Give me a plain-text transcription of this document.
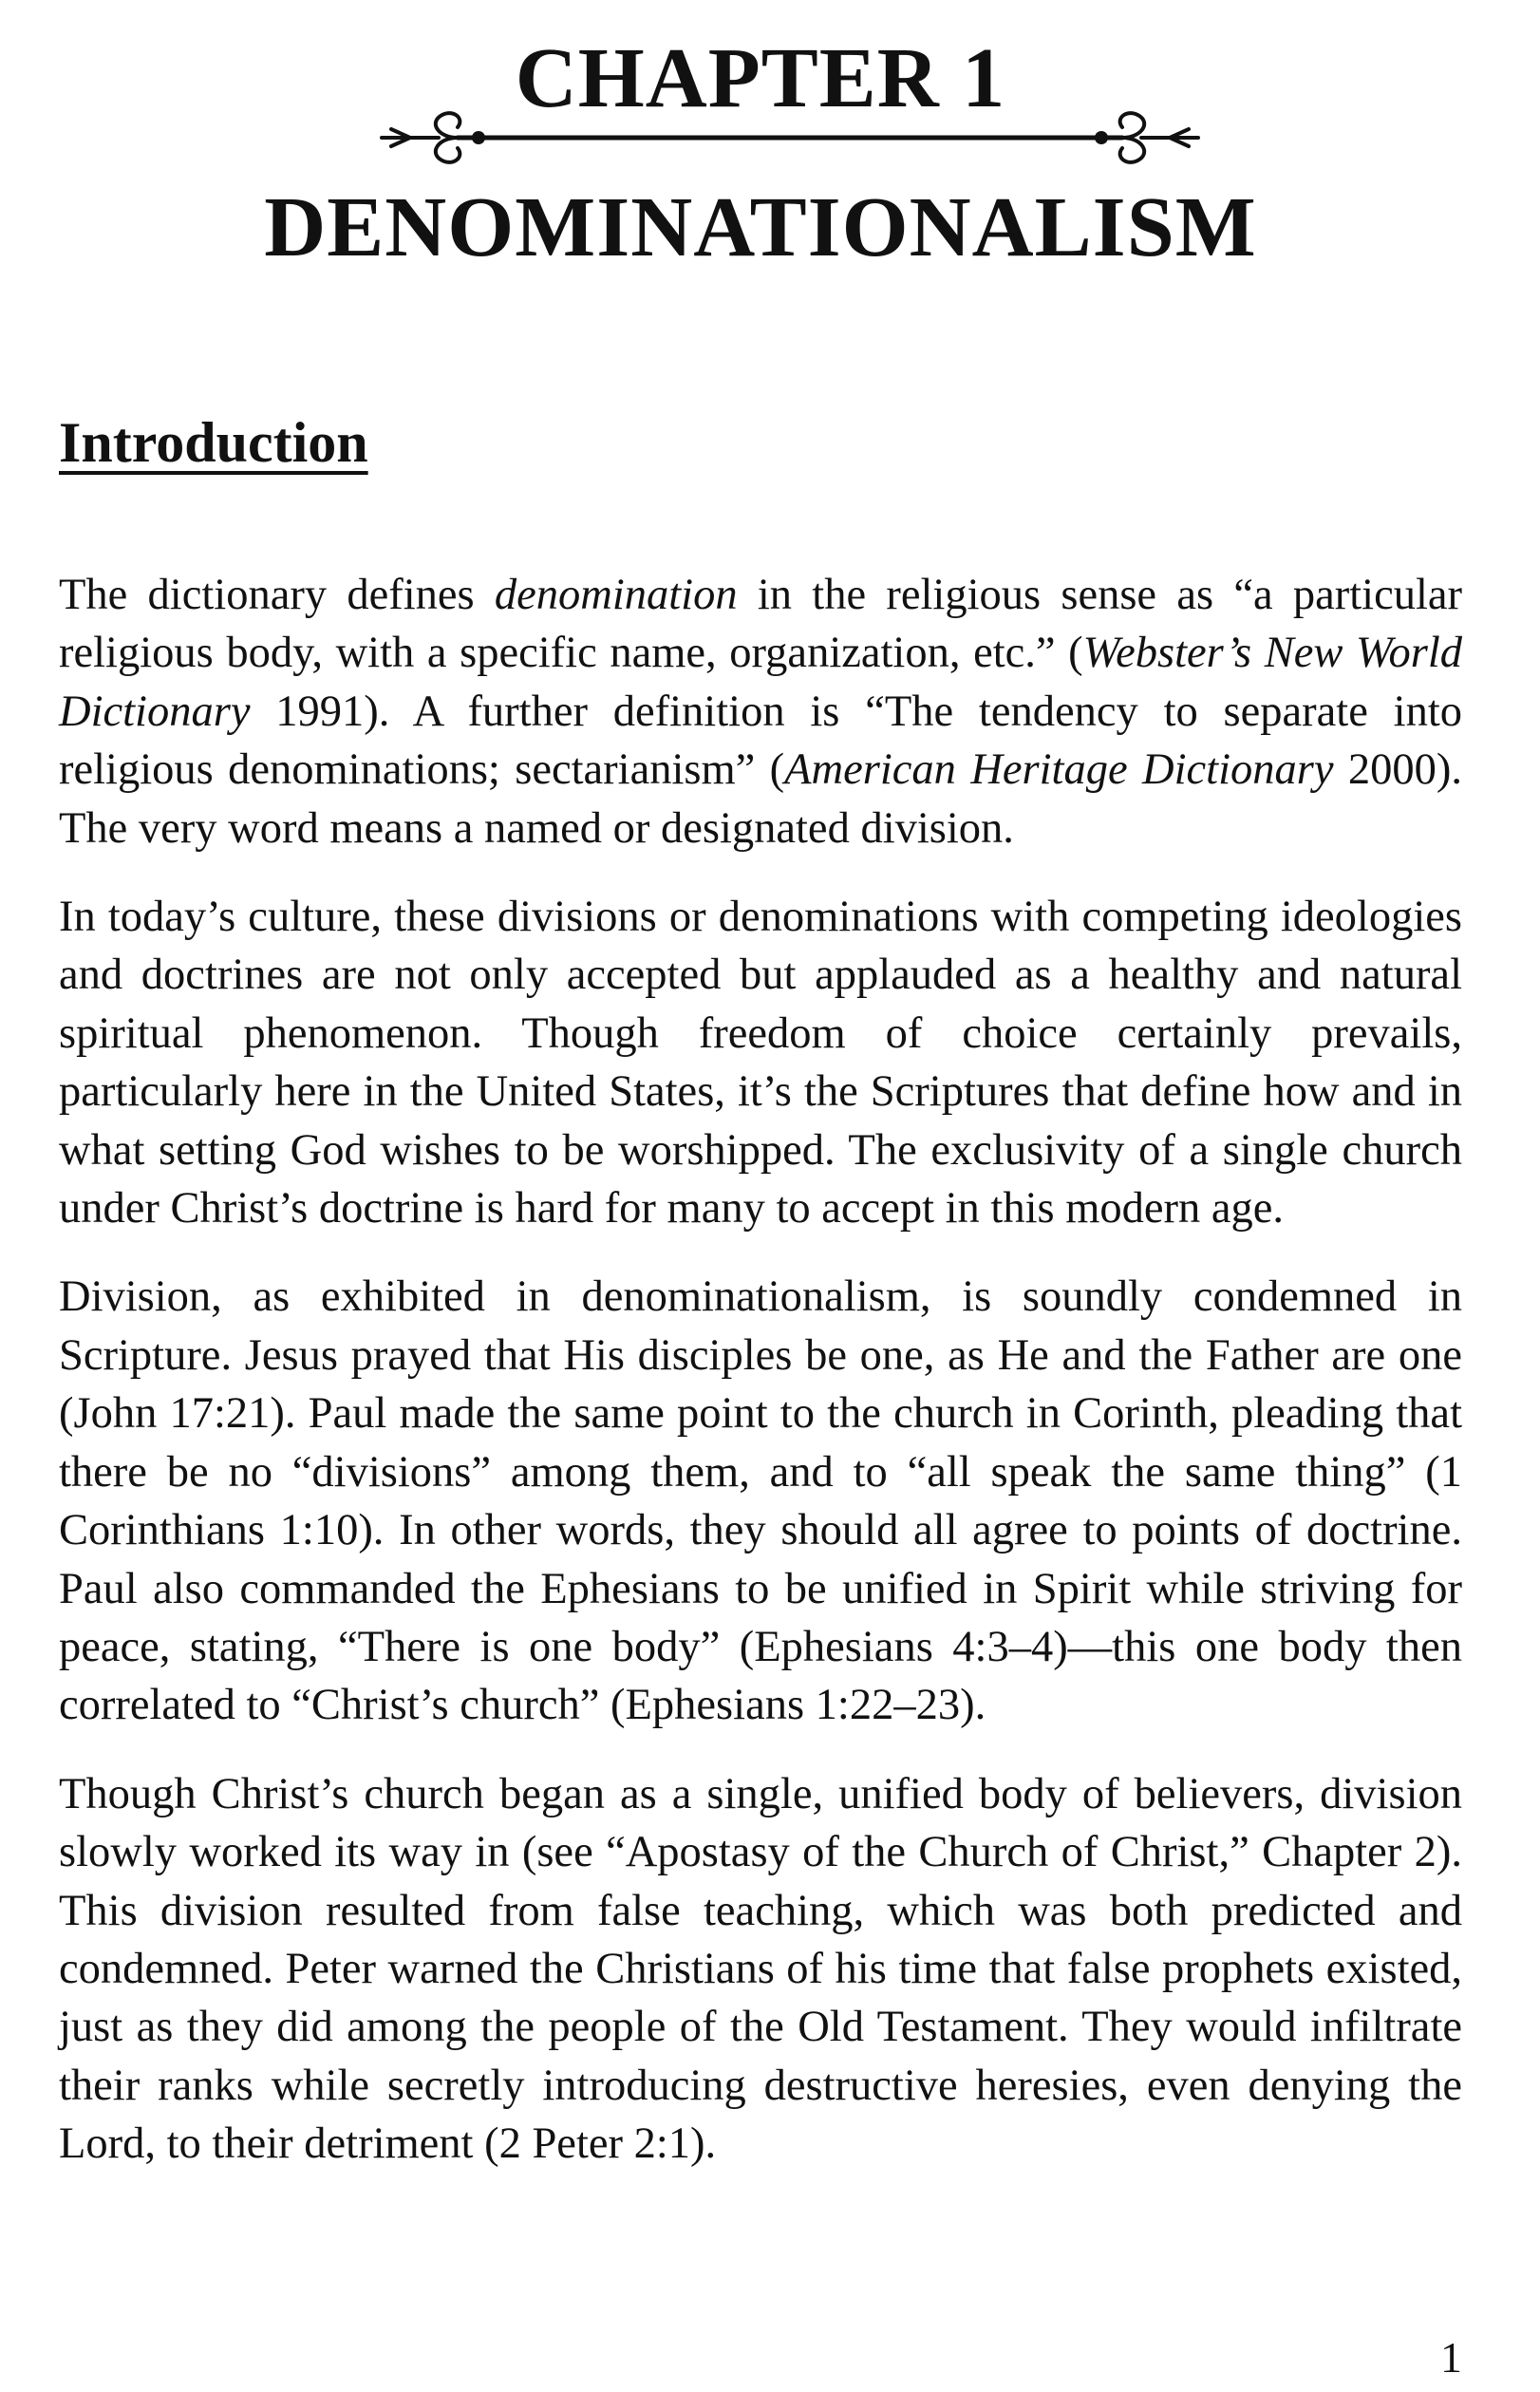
CHAPTER 1
DENOMINATIONALISM
Introduction

The dictionary defines denomination in the religious sense as “a particular religious body, with a specific name, organization, etc.” (Webster’s New World Dictionary 1991). A further definition is “The tendency to separate into religious denominations; sectarianism” (American Heritage Dictionary 2000). The very word means a named or designated division.

In today’s culture, these divisions or denominations with competing ideologies and doctrines are not only accepted but applauded as a healthy and natural spiritual phenomenon. Though freedom of choice certainly prevails, particularly here in the United States, it’s the Scriptures that define how and in what setting God wishes to be worshipped. The exclusivity of a single church under Christ’s doctrine is hard for many to accept in this modern age.

Division, as exhibited in denominationalism, is soundly condemned in Scripture. Jesus prayed that His disciples be one, as He and the Father are one (John 17:21). Paul made the same point to the church in Corinth, pleading that there be no “divisions” among them, and to “all speak the same thing” (1 Corinthians 1:10). In other words, they should all agree to points of doctrine. Paul also commanded the Ephesians to be unified in Spirit while striving for peace, stating, “There is one body” (Ephesians 4:3–4)—this one body then correlated to “Christ’s church” (Ephesians 1:22–23).

Though Christ’s church began as a single, unified body of believers, division slowly worked its way in (see “Apostasy of the Church of Christ,” Chapter 2). This division resulted from false teaching, which was both predicted and condemned. Peter warned the Christians of his time that false prophets existed, just as they did among the people of the Old Testament. They would infiltrate their ranks while secretly introducing destructive heresies, even denying the Lord, to their detriment (2 Peter 2:1).

1
